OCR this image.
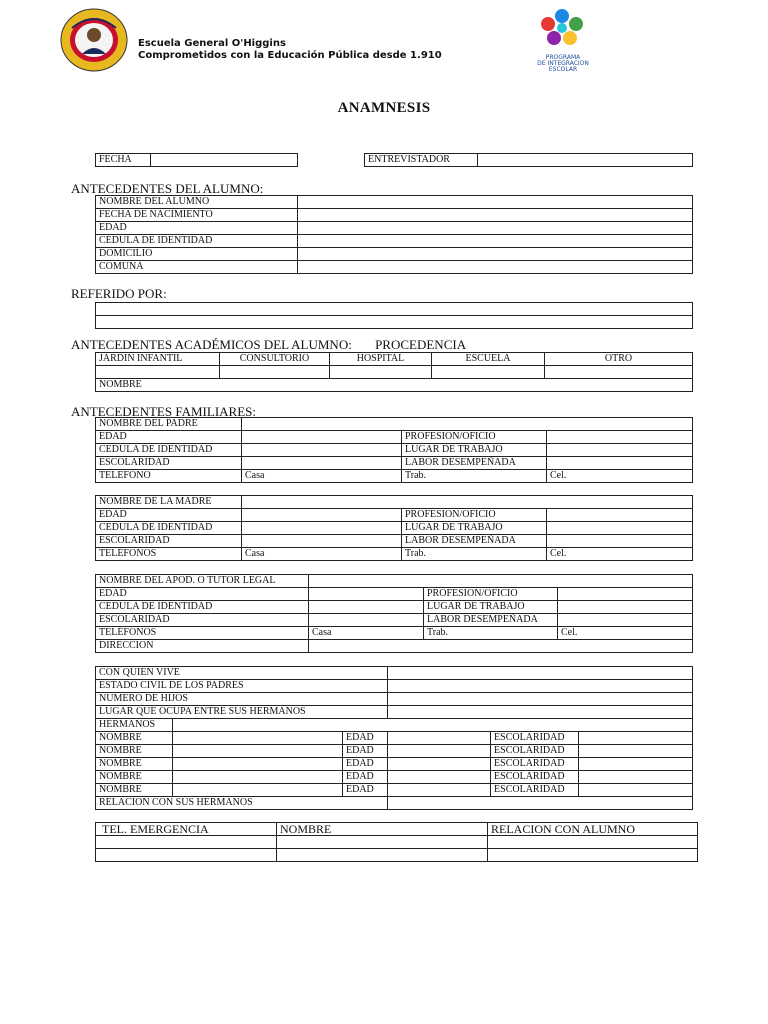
Escuela General O'Higgins
Comprometidos con la Educación Pública desde 1.910	PROGRAMA
DE INTEGRACION
ESCOLAR
ANAMNESIS
FECHA		ENTREVISTADOR	
ANTECEDENTES DEL ALUMNO:
NOMBRE DEL ALUMNO	
FECHA DE NACIMIENTO	
EDAD	
CÉDULA DE IDENTIDAD	
DOMICILIO	
COMUNA	
REFERIDO POR:

ANTECEDENTES ACADÉMICOS DEL ALUMNO: PROCEDENCIA
JARDIN INFANTIL	CONSULTORIO	HOSPITAL	ESCUELA	OTRO

NOMBRE				
ANTECEDENTES FAMILIARES:
NOMBRE DEL PADRE			
EDAD		PROFESION/OFICIO	
CEDULA DE IDENTIDAD		LUGAR DE TRABAJO	
ESCOLARIDAD		LABOR DESEMPEÑADA	
TELEFONO	Casa	Trab.	Cel.
NOMBRE DE LA MADRE			
EDAD		PROFESION/OFICIO	
CEDULA DE IDENTIDAD		LUGAR DE TRABAJO	
ESCOLARIDAD		LABOR DESEMPEÑADA	
TELÉFONOS	Casa	Trab.	Cel.
NOMBRE DEL APOD. O TUTOR LEGAL			
EDAD		PROFESION/OFICIO	
CEDULA DE IDENTIDAD		LUGAR DE TRABAJO	
ESCOLARIDAD		LABOR DESEMPEÑADA	
TELÉFONOS	Casa	Trab.	Cel.
DIRECCION			
CON QUIEN VIVE					
ESTADO CIVIL DE LOS PADRES					
NUMERO DE HIJOS					
LUGAR QUE OCUPA ENTRE SUS HERMANOS					
HERMANOS					
NOMBRE		EDAD		ESCOLARIDAD	
NOMBRE		EDAD		ESCOLARIDAD	
NOMBRE		EDAD		ESCOLARIDAD	
NOMBRE		EDAD		ESCOLARIDAD	
NOMBRE		EDAD		ESCOLARIDAD	
RELACION CON SUS HERMANOS					
TEL. EMERGENCIA	NOMBRE	RELACION CON ALUMNO
